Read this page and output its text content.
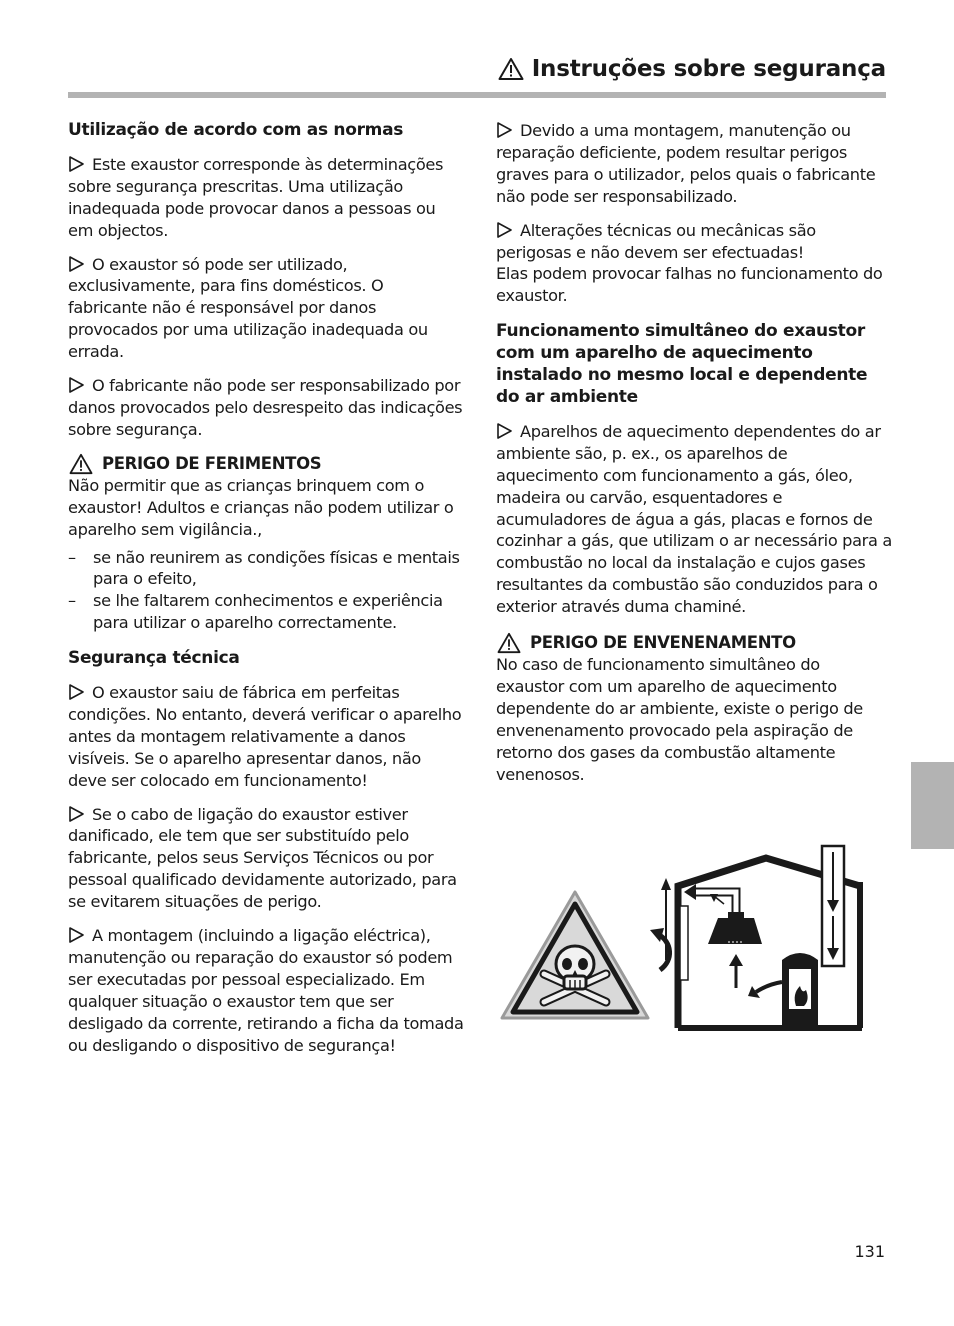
Instruções sobre segurança

Utilização de acordo com as normas

Este exaustor corresponde às determinações sobre segurança prescritas. Uma utilização inadequada pode provocar danos a pessoas ou em objectos.

O exaustor só pode ser utilizado, exclusivamente, para fins domésticos. O fabricante não é responsável por danos provocados por uma utilização inadequada ou errada.

O fabricante não pode ser responsabilizado por danos provocados pelo desrespeito das indicações sobre segurança.

PERIGO DE FERIMENTOS

Não permitir que as crianças brinquem com o exaustor! Adultos e crianças não podem utilizar o aparelho sem vigilância.,

–	se não reunirem as condições físicas e mentais para o efeito,
–	se lhe faltarem conhecimentos e experiência para utilizar o aparelho correctamente.

Segurança técnica

O exaustor saiu de fábrica em perfeitas condições. No entanto, deverá verificar o aparelho antes da montagem relativamente a danos visíveis. Se o aparelho apresentar danos, não deve ser colocado em funcionamento!

Se o cabo de ligação do exaustor estiver danificado, ele tem que ser substituído pelo fabricante, pelos seus Serviços Técnicos ou por pessoal qualificado devidamente autorizado, para se evitarem situações de perigo.

A montagem (incluindo a ligação eléctrica), manutenção ou reparação do exaustor só podem ser executadas por pessoal especializado. Em qualquer situação o exaustor tem que ser desligado da corrente, retirando a ficha da tomada ou desligando o dispositivo de segurança!

Devido a uma montagem, manutenção ou reparação deficiente, podem resultar perigos graves para o utilizador, pelos quais o fabricante não pode ser responsabilizado.

Alterações técnicas ou mecânicas são perigosas e não devem ser efectuadas!
Elas podem provocar falhas no funcionamento do exaustor.

Funcionamento simultâneo do exaustor com um aparelho de aquecimento instalado no mesmo local e dependente do ar ambiente

Aparelhos de aquecimento dependentes do ar ambiente são, p. ex., os aparelhos de aquecimento com funcionamento a gás, óleo, madeira ou carvão, esquentadores e acumuladores de água a gás, placas e fornos de cozinhar a gás, que utilizam o ar necessário para a combustão no local da instalação e cujos gases resultantes da combustão são conduzidos para o exterior através duma chaminé.

PERIGO DE ENVENENAMENTO

No caso de funcionamento simultâneo do exaustor com um aparelho de aquecimento dependente do ar ambiente, existe o perigo de envenenamento provocado pela aspiração de retorno dos gases da combustão altamente venenosos.

131
